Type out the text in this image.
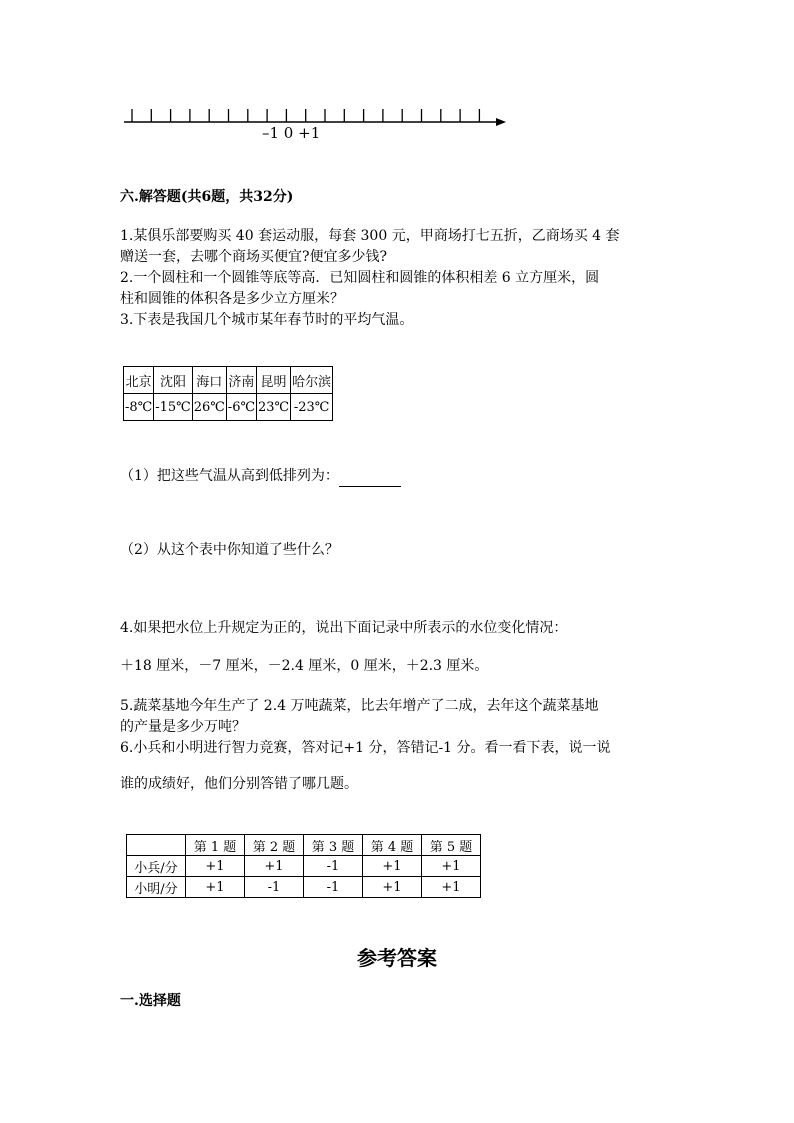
–1 0 +1
六.解答题(共6题，共32分)
1.某俱乐部要购买 40 套运动服，每套 300 元，甲商场打七五折，乙商场买 4 套
赠送一套，去哪个商场买便宜?便宜多少钱?
2.一个圆柱和一个圆锥等底等高．已知圆柱和圆锥的体积相差 6 立方厘米，圆
柱和圆锥的体积各是多少立方厘米？
3.下表是我国几个城市某年春节时的平均气温。
北京	沈阳	海口	济南	昆明	哈尔滨
-8℃	-15℃	26℃	-6℃	23℃	-23℃
（1）把这些气温从高到低排列为：
（2）从这个表中你知道了些什么？
4.如果把水位上升规定为正的，说出下面记录中所表示的水位变化情况：
＋18 厘米，－7 厘米，－2.4 厘米，0 厘米，＋2.3 厘米。
5.蔬菜基地今年生产了 2.4 万吨蔬菜，比去年增产了二成，去年这个蔬菜基地
的产量是多少万吨？
6.小兵和小明进行智力竞赛，答对记+1 分，答错记-1 分。看一看下表，说一说
谁的成绩好，他们分别答错了哪几题。
	第 1 题	第 2 题	第 3 题	第 4 题	第 5 题
小兵/分	+1	+1	-1	+1	+1
小明/分	+1	-1	-1	+1	+1
参考答案
一.选择题
